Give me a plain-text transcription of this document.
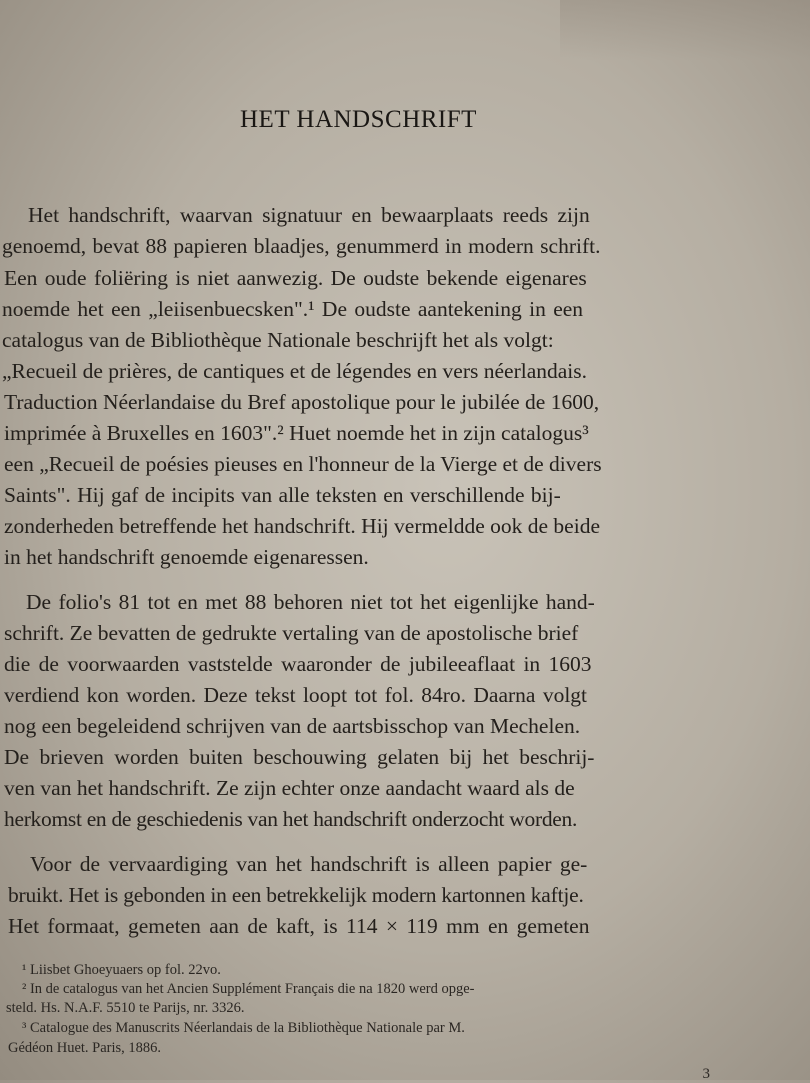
HET HANDSCHRIFT
Het handschrift, waarvan signatuur en bewaarplaats reeds zijn
genoemd, bevat 88 papieren blaadjes, genummerd in modern schrift.
Een oude foliëring is niet aanwezig. De oudste bekende eigenares
noemde het een „leiisenbuecsken".¹ De oudste aantekening in een
catalogus van de Bibliothèque Nationale beschrijft het als volgt:
„Recueil de prières, de cantiques et de légendes en vers néerlandais.
Traduction Néerlandaise du Bref apostolique pour le jubilée de 1600,
imprimée à Bruxelles en 1603".² Huet noemde het in zijn catalogus³
een „Recueil de poésies pieuses en l'honneur de la Vierge et de divers
Saints". Hij gaf de incipits van alle teksten en verschillende bij-
zonderheden betreffende het handschrift. Hij vermeldde ook de beide
in het handschrift genoemde eigenaressen.
De folio's 81 tot en met 88 behoren niet tot het eigenlijke hand-
schrift. Ze bevatten de gedrukte vertaling van de apostolische brief
die de voorwaarden vaststelde waaronder de jubileeaflaat in 1603
verdiend kon worden. Deze tekst loopt tot fol. 84ro. Daarna volgt
nog een begeleidend schrijven van de aartsbisschop van Mechelen.
De brieven worden buiten beschouwing gelaten bij het beschrij-
ven van het handschrift. Ze zijn echter onze aandacht waard als de
herkomst en de geschiedenis van het handschrift onderzocht worden.
Voor de vervaardiging van het handschrift is alleen papier ge-
bruikt. Het is gebonden in een betrekkelijk modern kartonnen kaftje.
Het formaat, gemeten aan de kaft, is 114 × 119 mm en gemeten
¹ Liisbet Ghoeyuaers op fol. 22vo.
² In de catalogus van het Ancien Supplément Français die na 1820 werd opge-
steld. Hs. N.A.F. 5510 te Parijs, nr. 3326.
³ Catalogue des Manuscrits Néerlandais de la Bibliothèque Nationale par M.
Gédéon Huet. Paris, 1886.
3
